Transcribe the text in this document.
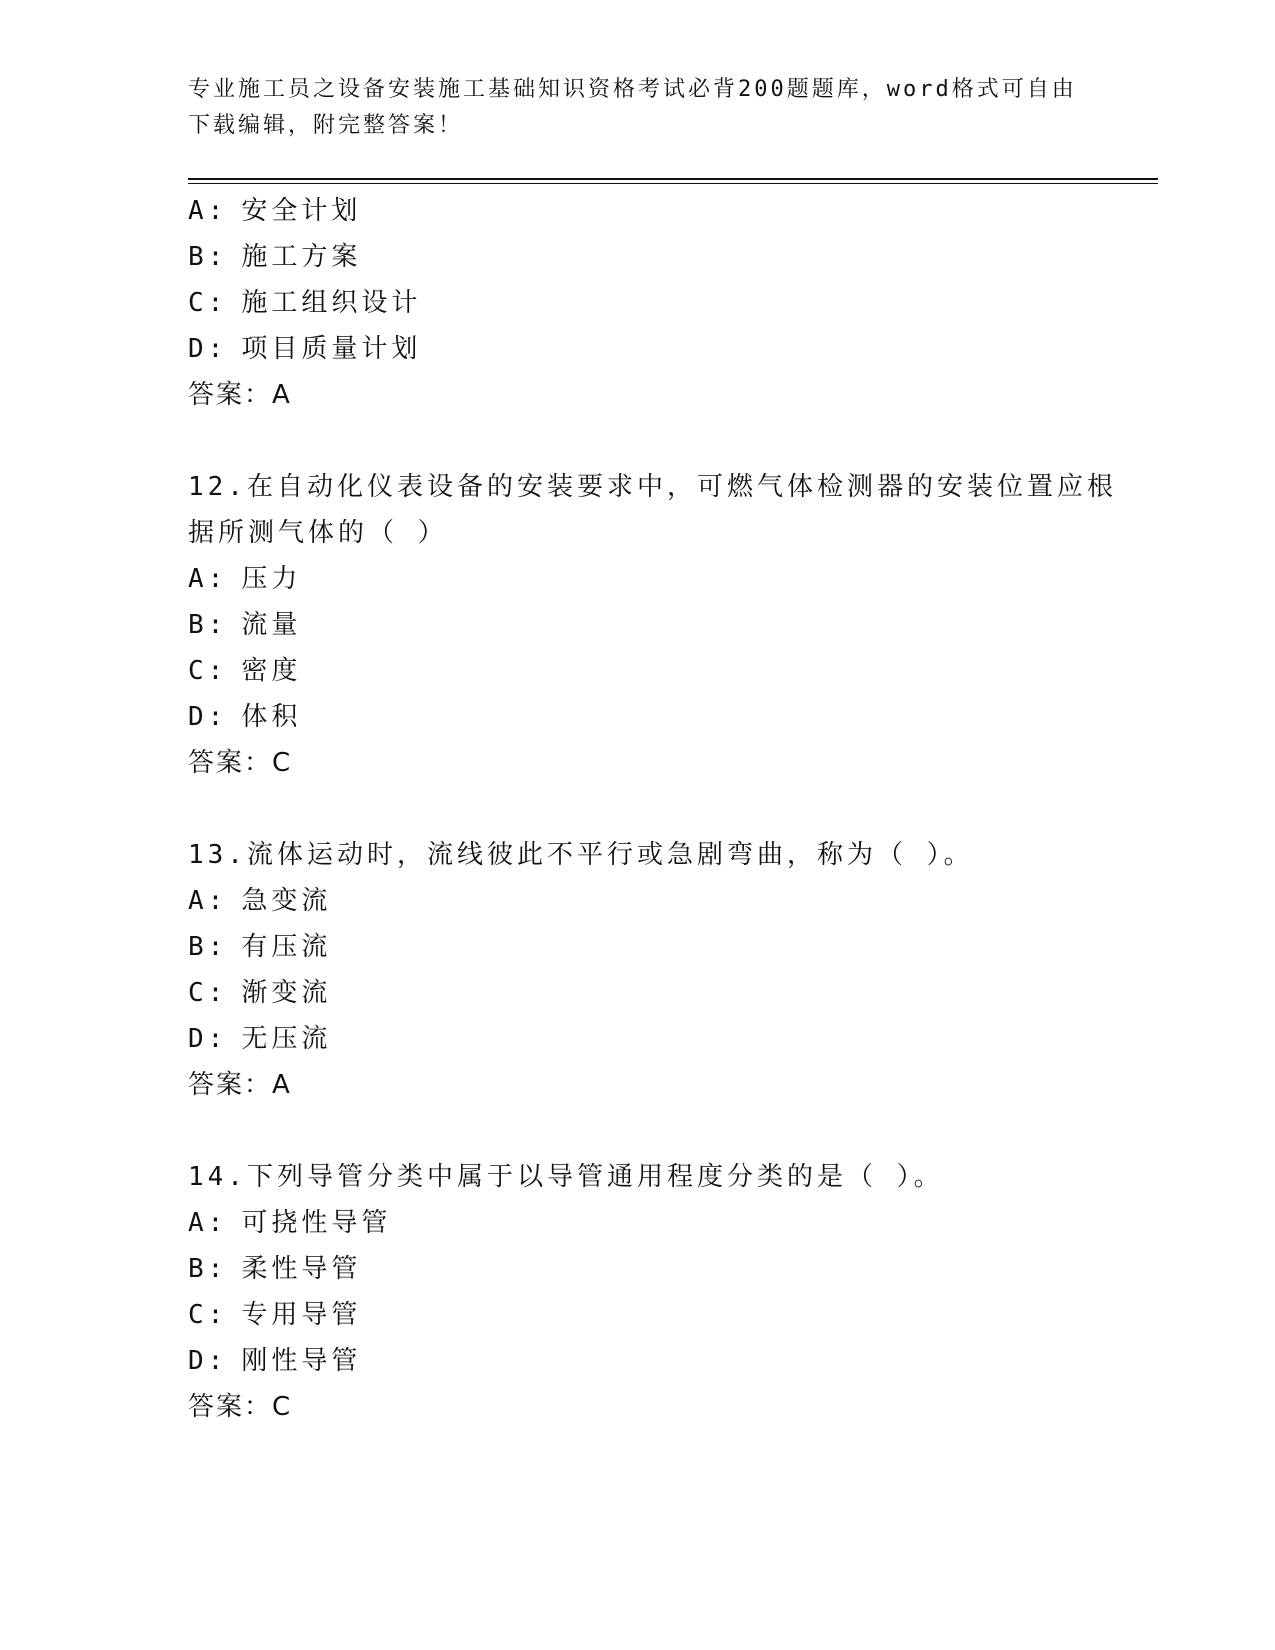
专业施工员之设备安装施工基础知识资格考试必背200题题库，word格式可自由
下载编辑，附完整答案！
A: 安全计划
B: 施工方案
C: 施工组织设计
D: 项目质量计划
答案：A
12.在自动化仪表设备的安装要求中，可燃气体检测器的安装位置应根
据所测气体的（ ）
A: 压力
B: 流量
C: 密度
D: 体积
答案：C
13.流体运动时，流线彼此不平行或急剧弯曲，称为（ ）。
A: 急变流
B: 有压流
C: 渐变流
D: 无压流
答案：A
14.下列导管分类中属于以导管通用程度分类的是（ ）。
A: 可挠性导管
B: 柔性导管
C: 专用导管
D: 刚性导管
答案：C
